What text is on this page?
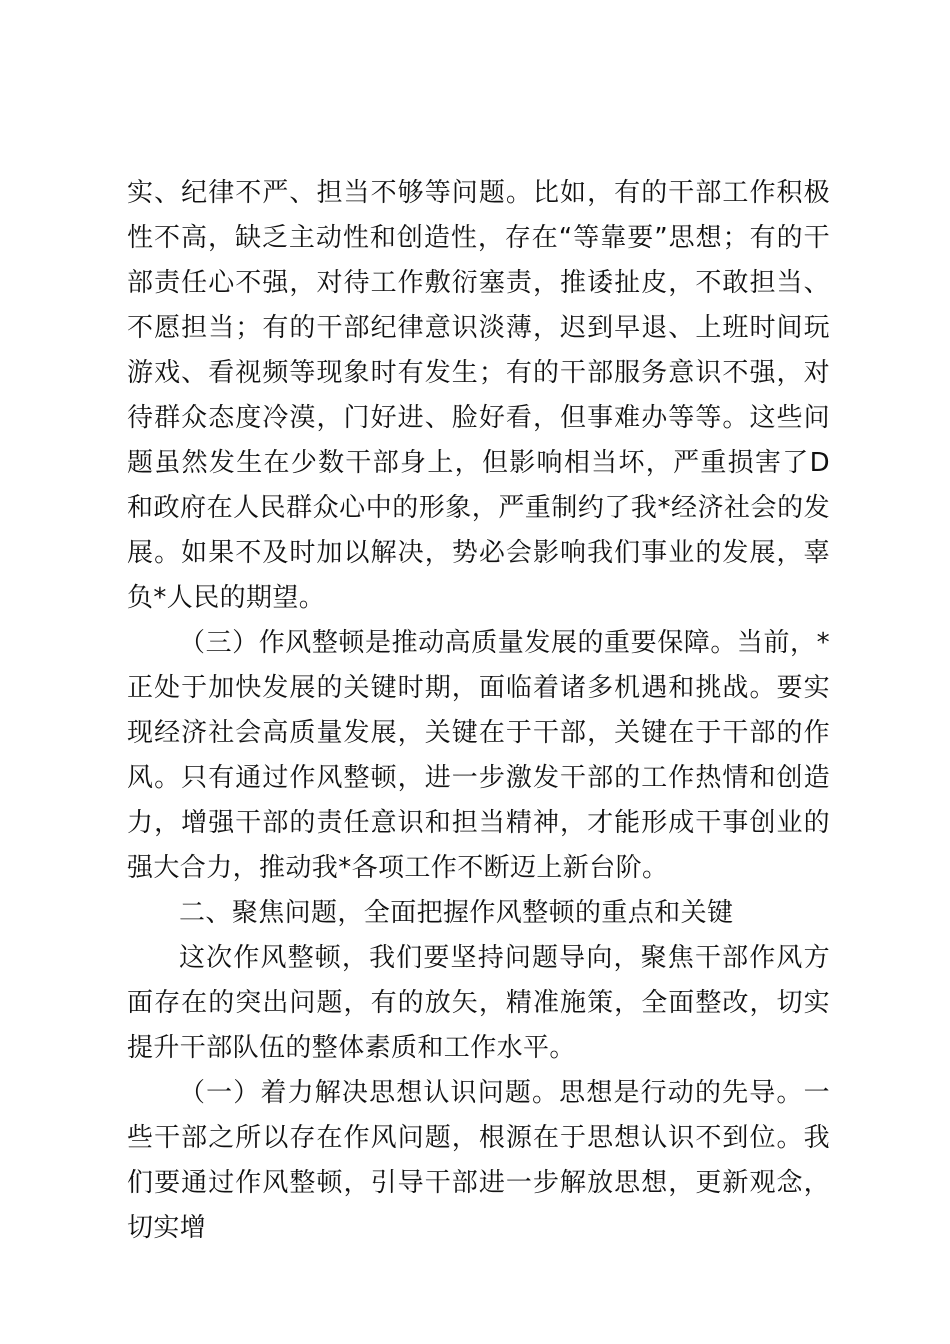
实、纪律不严、担当不够等问题。比如，有的干部工作积极性不高，缺乏主动性和创造性，存在“等靠要”思想；有的干部责任心不强，对待工作敷衍塞责，推诿扯皮，不敢担当、不愿担当；有的干部纪律意识淡薄，迟到早退、上班时间玩游戏、看视频等现象时有发生；有的干部服务意识不强，对待群众态度冷漠，门好进、脸好看，但事难办等等。这些问题虽然发生在少数干部身上，但影响相当坏，严重损害了D和政府在人民群众心中的形象，严重制约了我*经济社会的发展。如果不及时加以解决，势必会影响我们事业的发展，辜负*人民的期望。

（三）作风整顿是推动高质量发展的重要保障。当前，*正处于加快发展的关键时期，面临着诸多机遇和挑战。要实现经济社会高质量发展，关键在于干部，关键在于干部的作风。只有通过作风整顿，进一步激发干部的工作热情和创造力，增强干部的责任意识和担当精神，才能形成干事创业的强大合力，推动我*各项工作不断迈上新台阶。

二、聚焦问题，全面把握作风整顿的重点和关键

这次作风整顿，我们要坚持问题导向，聚焦干部作风方面存在的突出问题，有的放矢，精准施策，全面整改，切实提升干部队伍的整体素质和工作水平。

（一）着力解决思想认识问题。思想是行动的先导。一些干部之所以存在作风问题，根源在于思想认识不到位。我们要通过作风整顿，引导干部进一步解放思想，更新观念，切实增
